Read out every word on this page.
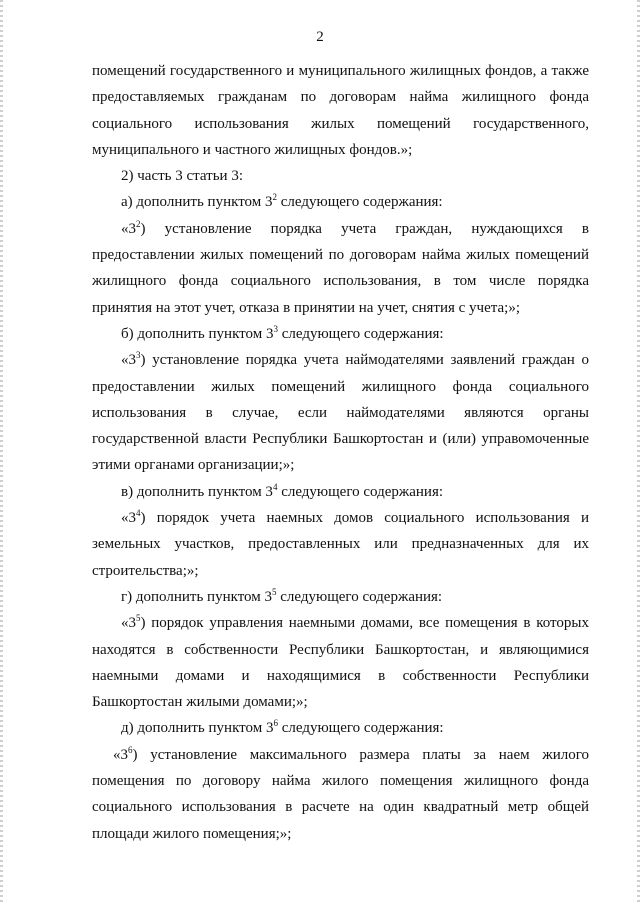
2

помещений государственного и муниципального жилищных фондов, а также предоставляемых гражданам по договорам найма жилищного фонда социального использования жилых помещений государственного, муниципального и частного жилищных фондов.»;

2) часть 3 статьи 3:

а) дополнить пунктом $3^2$ следующего содержания:

«$3^2$) установление порядка учета граждан, нуждающихся в предоставлении жилых помещений по договорам найма жилых помещений жилищного фонда социального использования, в том числе порядка принятия на этот учет, отказа в принятии на учет, снятия с учета;»;

б) дополнить пунктом $3^3$ следующего содержания:

«$3^3$) установление порядка учета наймодателями заявлений граждан о предоставлении жилых помещений жилищного фонда социального использования в случае, если наймодателями являются органы государственной власти Республики Башкортостан и (или) управомоченные этими органами организации;»;

в) дополнить пунктом $3^4$ следующего содержания:

«$3^4$) порядок учета наемных домов социального использования и земельных участков, предоставленных или предназначенных для их строительства;»;

г) дополнить пунктом $3^5$ следующего содержания:

«$3^5$) порядок управления наемными домами, все помещения в которых находятся в собственности Республики Башкортостан, и являющимися наемными домами и находящимися в собственности Республики Башкортостан жилыми домами;»;

д) дополнить пунктом $3^6$ следующего содержания:

«$3^6$) установление максимального размера платы за наем жилого помещения по договору найма жилого помещения жилищного фонда социального использования в расчете на один квадратный метр общей площади жилого помещения;»;
